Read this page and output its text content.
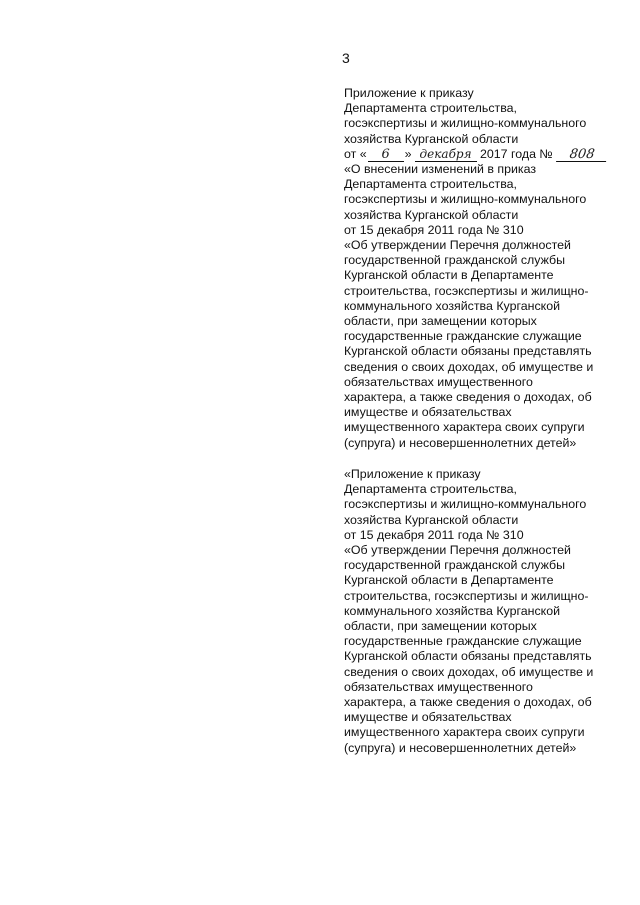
3
Приложение к приказу
Департамента строительства,
госэкспертизы и жилищно-коммунального
хозяйства Курганской области
от « 6 » декабря 2017 года № 808
«О внесении изменений в приказ
Департамента строительства,
госэкспертизы и жилищно-коммунального
хозяйства Курганской области
от 15 декабря 2011 года № 310
«Об утверждении Перечня должностей
государственной гражданской службы
Курганской области в Департаменте
строительства, госэкспертизы и жилищно-
коммунального хозяйства Курганской
области, при замещении которых
государственные гражданские служащие
Курганской области обязаны представлять
сведения о своих доходах, об имуществе и
обязательствах имущественного
характера, а также сведения о доходах, об
имуществе и обязательствах
имущественного характера своих супруги
(супруга) и несовершеннолетних детей»
«Приложение к приказу
Департамента строительства,
госэкспертизы и жилищно-коммунального
хозяйства Курганской области
от 15 декабря 2011 года № 310
«Об утверждении Перечня должностей
государственной гражданской службы
Курганской области в Департаменте
строительства, госэкспертизы и жилищно-
коммунального хозяйства Курганской
области, при замещении которых
государственные гражданские служащие
Курганской области обязаны представлять
сведения о своих доходах, об имуществе и
обязательствах имущественного
характера, а также сведения о доходах, об
имуществе и обязательствах
имущественного характера своих супруги
(супруга) и несовершеннолетних детей»
